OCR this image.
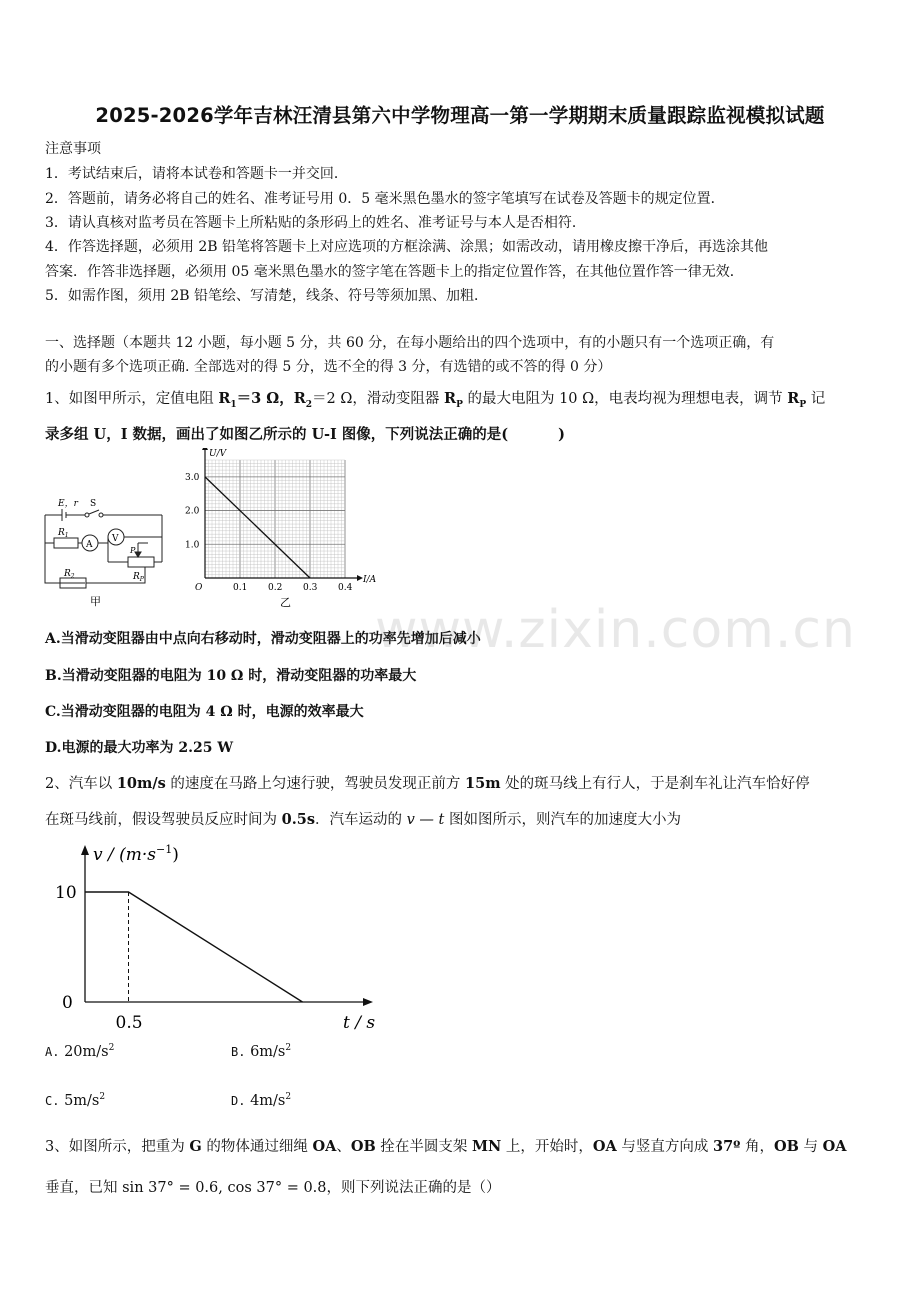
2025-2026学年吉林汪清县第六中学物理高一第一学期期末质量跟踪监视模拟试题
注意事项
1．考试结束后，请将本试卷和答题卡一并交回．
2．答题前，请务必将自己的姓名、准考证号用 0．5 毫米黑色墨水的签字笔填写在试卷及答题卡的规定位置．
3．请认真核对监考员在答题卡上所粘贴的条形码上的姓名、准考证号与本人是否相符．
4．作答选择题，必须用 2B 铅笔将答题卡上对应选项的方框涂满、涂黑；如需改动，请用橡皮擦干净后，再选涂其他
答案．作答非选择题，必须用 05 毫米黑色墨水的签字笔在答题卡上的指定位置作答，在其他位置作答一律无效．
5．如需作图，须用 2B 铅笔绘、写清楚，线条、符号等须加黑、加粗．
一、选择题（本题共 12 小题，每小题 5 分，共 60 分，在每小题给出的四个选项中，有的小题只有一个选项正确，有
的小题有多个选项正确. 全部选对的得 5 分，选不全的得 3 分，有选错的或不答的得 0 分）
1、如图甲所示，定值电阻 $R_1=3$ Ω，$R_2=2$ Ω，滑动变阻器 $R_P$ 的最大电阻为 10 Ω，电表均视为理想电表，调节 $R_P$ 记
录多组 U，I 数据，画出了如图乙所示的 U-I 图像，下列说法正确的是(	)
E，r S
$R_1$
A
V
P
$R_P$
$R_2$
甲
U/V
I/A
O	0.1 0.2 0.3 0.4
1.0
2.0
3.0
乙
A.当滑动变阻器由中点向右移动时，滑动变阻器上的功率先增加后减小
B.当滑动变阻器的电阻为 10 Ω 时，滑动变阻器的功率最大
C.当滑动变阻器的电阻为 4 Ω 时，电源的效率最大
D.电源的最大功率为 2.25 W
2、汽车以 10m/s 的速度在马路上匀速行驶，驾驶员发现正前方 15m 处的斑马线上有行人，于是刹车礼让汽车恰好停
在斑马线前，假设驾驶员反应时间为 0.5s．汽车运动的 v — t 图如图所示，则汽车的加速度大小为
$v / (m\cdot s^{-1})$
t / s
0
10
0.5
A. $20m/s^2$	B. $6m/s^2$
C. $5m/s^2$	D. $4m/s^2$
3、如图所示，把重为 G 的物体通过细绳 OA、OB 拴在半圆支架 MN 上，开始时，OA 与竖直方向成 37º 角，OB 与 OA
垂直，已知 sin 37° = 0.6, cos 37° = 0.8，则下列说法正确的是（）
www.zixin.com.cn
